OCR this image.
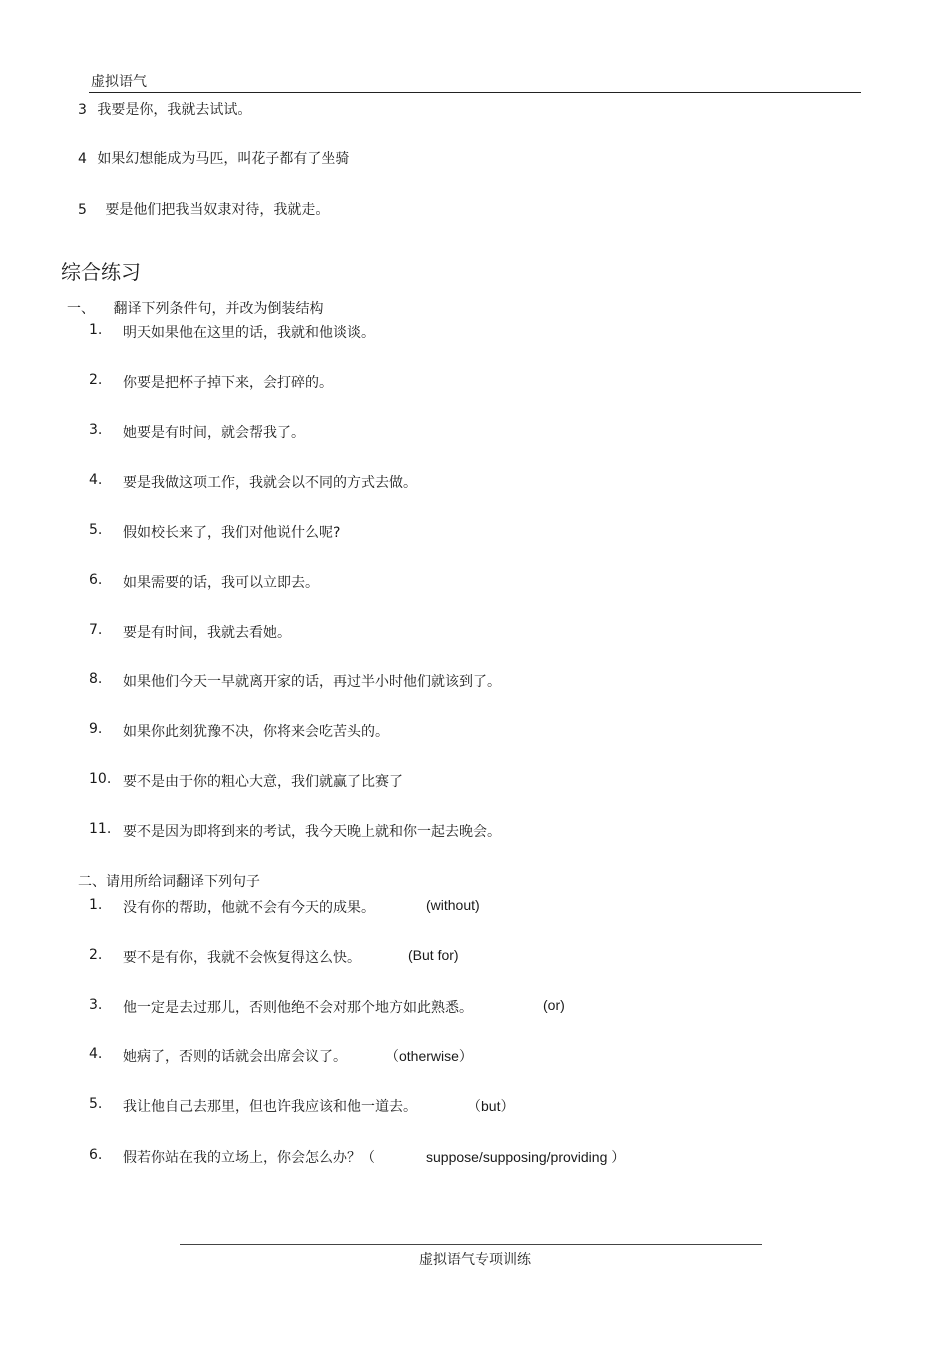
虚拟语气
3 我要是你，我就去试试。
4 如果幻想能成为马匹，叫花子都有了坐骑
5 要是他们把我当奴隶对待，我就走。
综合练习
一、 翻译下列条件句，并改为倒装结构
1.	明天如果他在这里的话，我就和他谈谈。
2.	你要是把杯子掉下来，会打碎的。
3.	她要是有时间，就会帮我了。
4.	要是我做这项工作，我就会以不同的方式去做。
5.	假如校长来了，我们对他说什么呢?
6.	如果需要的话，我可以立即去。
7.	要是有时间，我就去看她。
8.	如果他们今天一早就离开家的话，再过半小时他们就该到了。
9.	如果你此刻犹豫不决，你将来会吃苦头的。
10. 要不是由于你的粗心大意，我们就赢了比赛了
11. 要不是因为即将到来的考试，我今天晚上就和你一起去晚会。
二、请用所给词翻译下列句子
1.	没有你的帮助，他就不会有今天的成果。	(without)
2.	要不是有你，我就不会恢复得这么快。	(But for)
3.	他一定是去过那儿，否则他绝不会对那个地方如此熟悉。	(or)
4.	她病了，否则的话就会出席会议了。	（otherwise）
5.	我让他自己去那里，但也许我应该和他一道去。	（but）
6.	假若你站在我的立场上，你会怎么办？（	suppose/supposing/providing ）
虚拟语气专项训练
